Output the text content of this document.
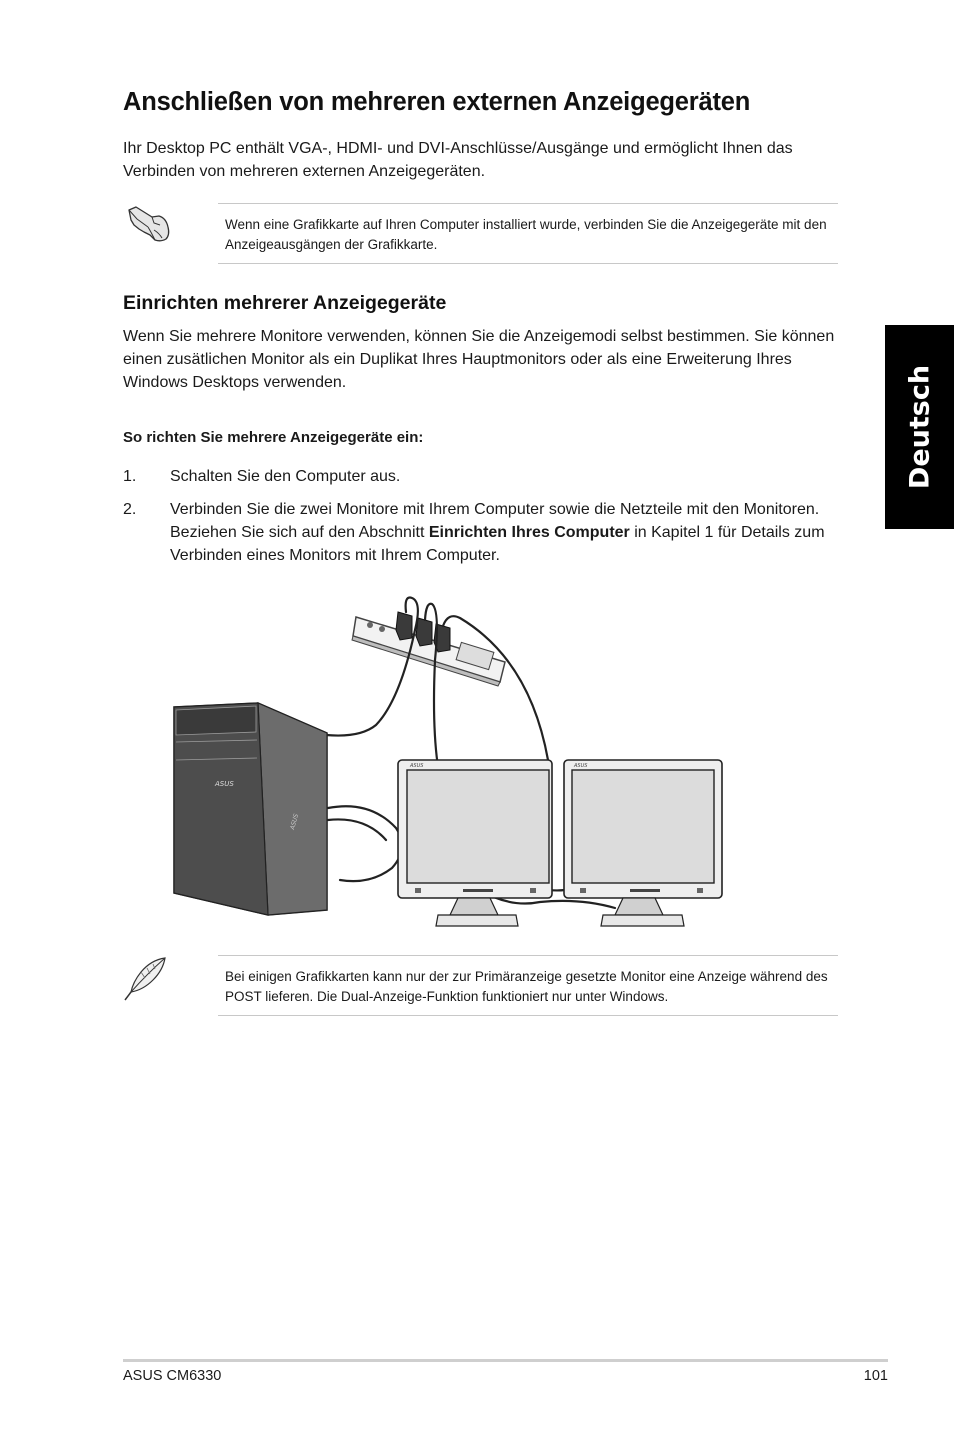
Anschließen von mehreren externen Anzeigegeräten

Ihr Desktop PC enthält VGA-, HDMI- und DVI-Anschlüsse/Ausgänge und ermöglicht Ihnen das Verbinden von mehreren externen Anzeigegeräten.

Wenn eine Grafikkarte auf Ihren Computer installiert wurde, verbinden Sie die Anzeigegeräte mit den Anzeigeausgängen der Grafikkarte.
Einrichten mehrerer Anzeigegeräte

Wenn Sie mehrere Monitore verwenden, können Sie die Anzeigemodi selbst bestimmen. Sie können einen zusätlichen Monitor als ein Duplikat Ihres Hauptmonitors oder als eine Erweiterung Ihres Windows Desktops verwenden.

So richten Sie mehrere Anzeigegeräte ein:

1.	Schalten Sie den Computer aus.
2.	Verbinden Sie die zwei Monitore mit Ihrem Computer sowie die Netzteile mit den Monitoren. Beziehen Sie sich auf den Abschnitt Einrichten Ihres Computer in Kapitel 1 für Details zum Verbinden eines Monitors mit Ihrem Computer.
Deutsch
ASUS
ASUS
ASUS	ASUS
Bei einigen Grafikkarten kann nur der zur Primäranzeige gesetzte Monitor eine Anzeige während des POST lieferen. Die Dual-Anzeige-Funktion funktioniert nur unter Windows.
ASUS CM6330	101
